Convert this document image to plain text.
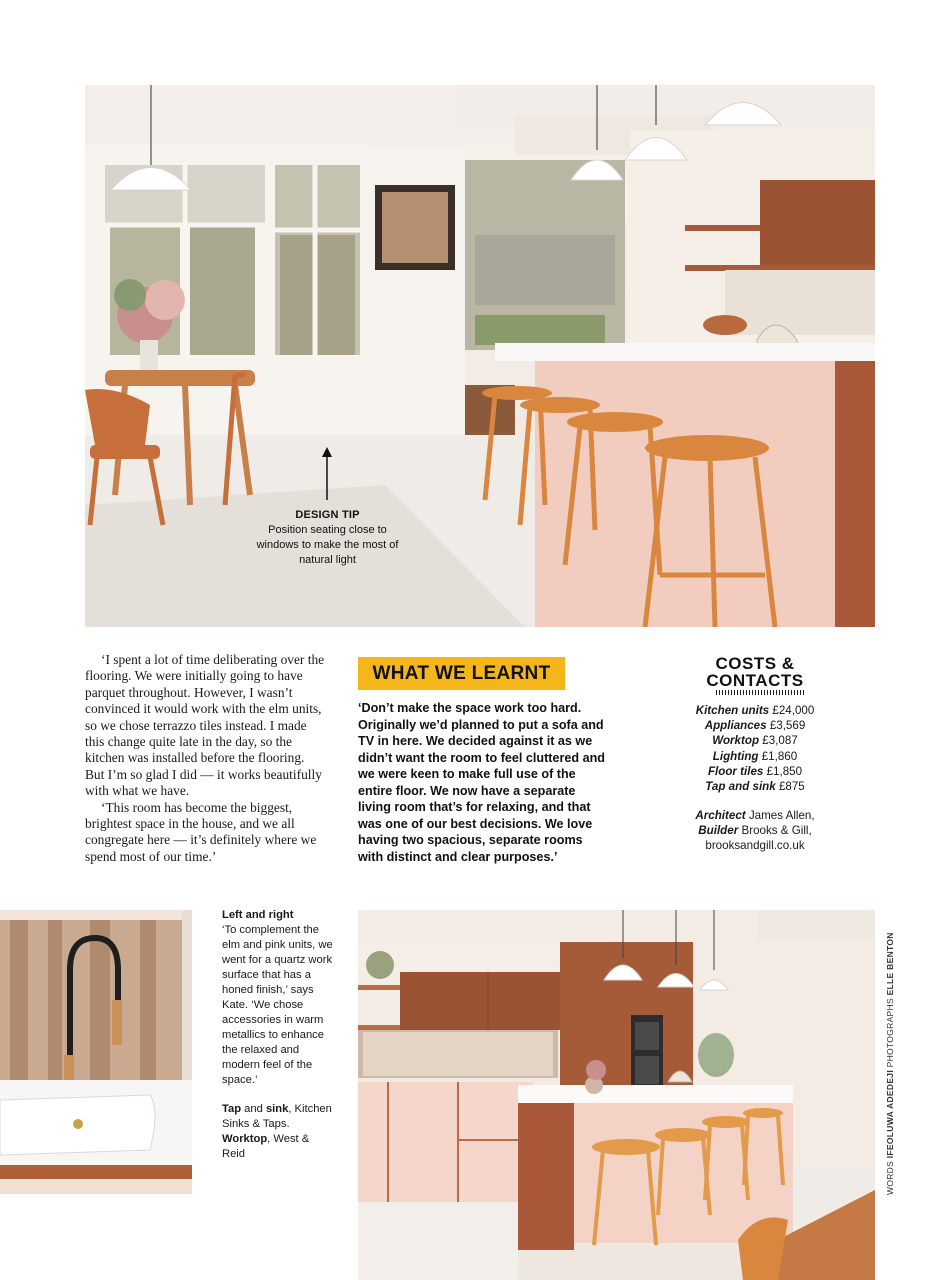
DESIGN TIP
Position seating close to windows to make the most of natural light

‘I spent a lot of time deliberating over the flooring. We were initially going to have parquet throughout. However, I wasn’t convinced it would work with the elm units, so we chose terrazzo tiles instead. I made this change quite late in the day, so the kitchen was installed before the flooring. But I’m so glad I did — it works beautifully with what we have.

‘This room has become the biggest, brightest space in the house, and we all congregate here — it’s definitely where we spend most of our time.’

WHAT WE LEARNT
‘Don’t make the space work too hard. Originally we’d planned to put a sofa and TV in here. We decided against it as we didn’t want the room to feel cluttered and we were keen to make full use of the entire floor. We now have a separate living room that’s for relaxing, and that was one of our best decisions. We love having two spacious, separate rooms with distinct and clear purposes.’
COSTS &
CONTACTS
Kitchen units £24,000
Appliances £3,569
Worktop £3,087
Lighting £1,860
Floor tiles £1,850
Tap and sink £875
Architect James Allen,
Builder Brooks & Gill,
brooksandgill.co.uk

Left and right

‘To complement the elm and pink units, we went for a quartz work surface that has a honed finish,’ says Kate. ‘We chose accessories in warm metallics to enhance the relaxed and modern feel of the space.’

Tap and sink, Kitchen Sinks & Taps. Worktop, West & Reid

WORDS IFEOLUWA ADEDEJI PHOTOGRAPHS ELLE BENTON
